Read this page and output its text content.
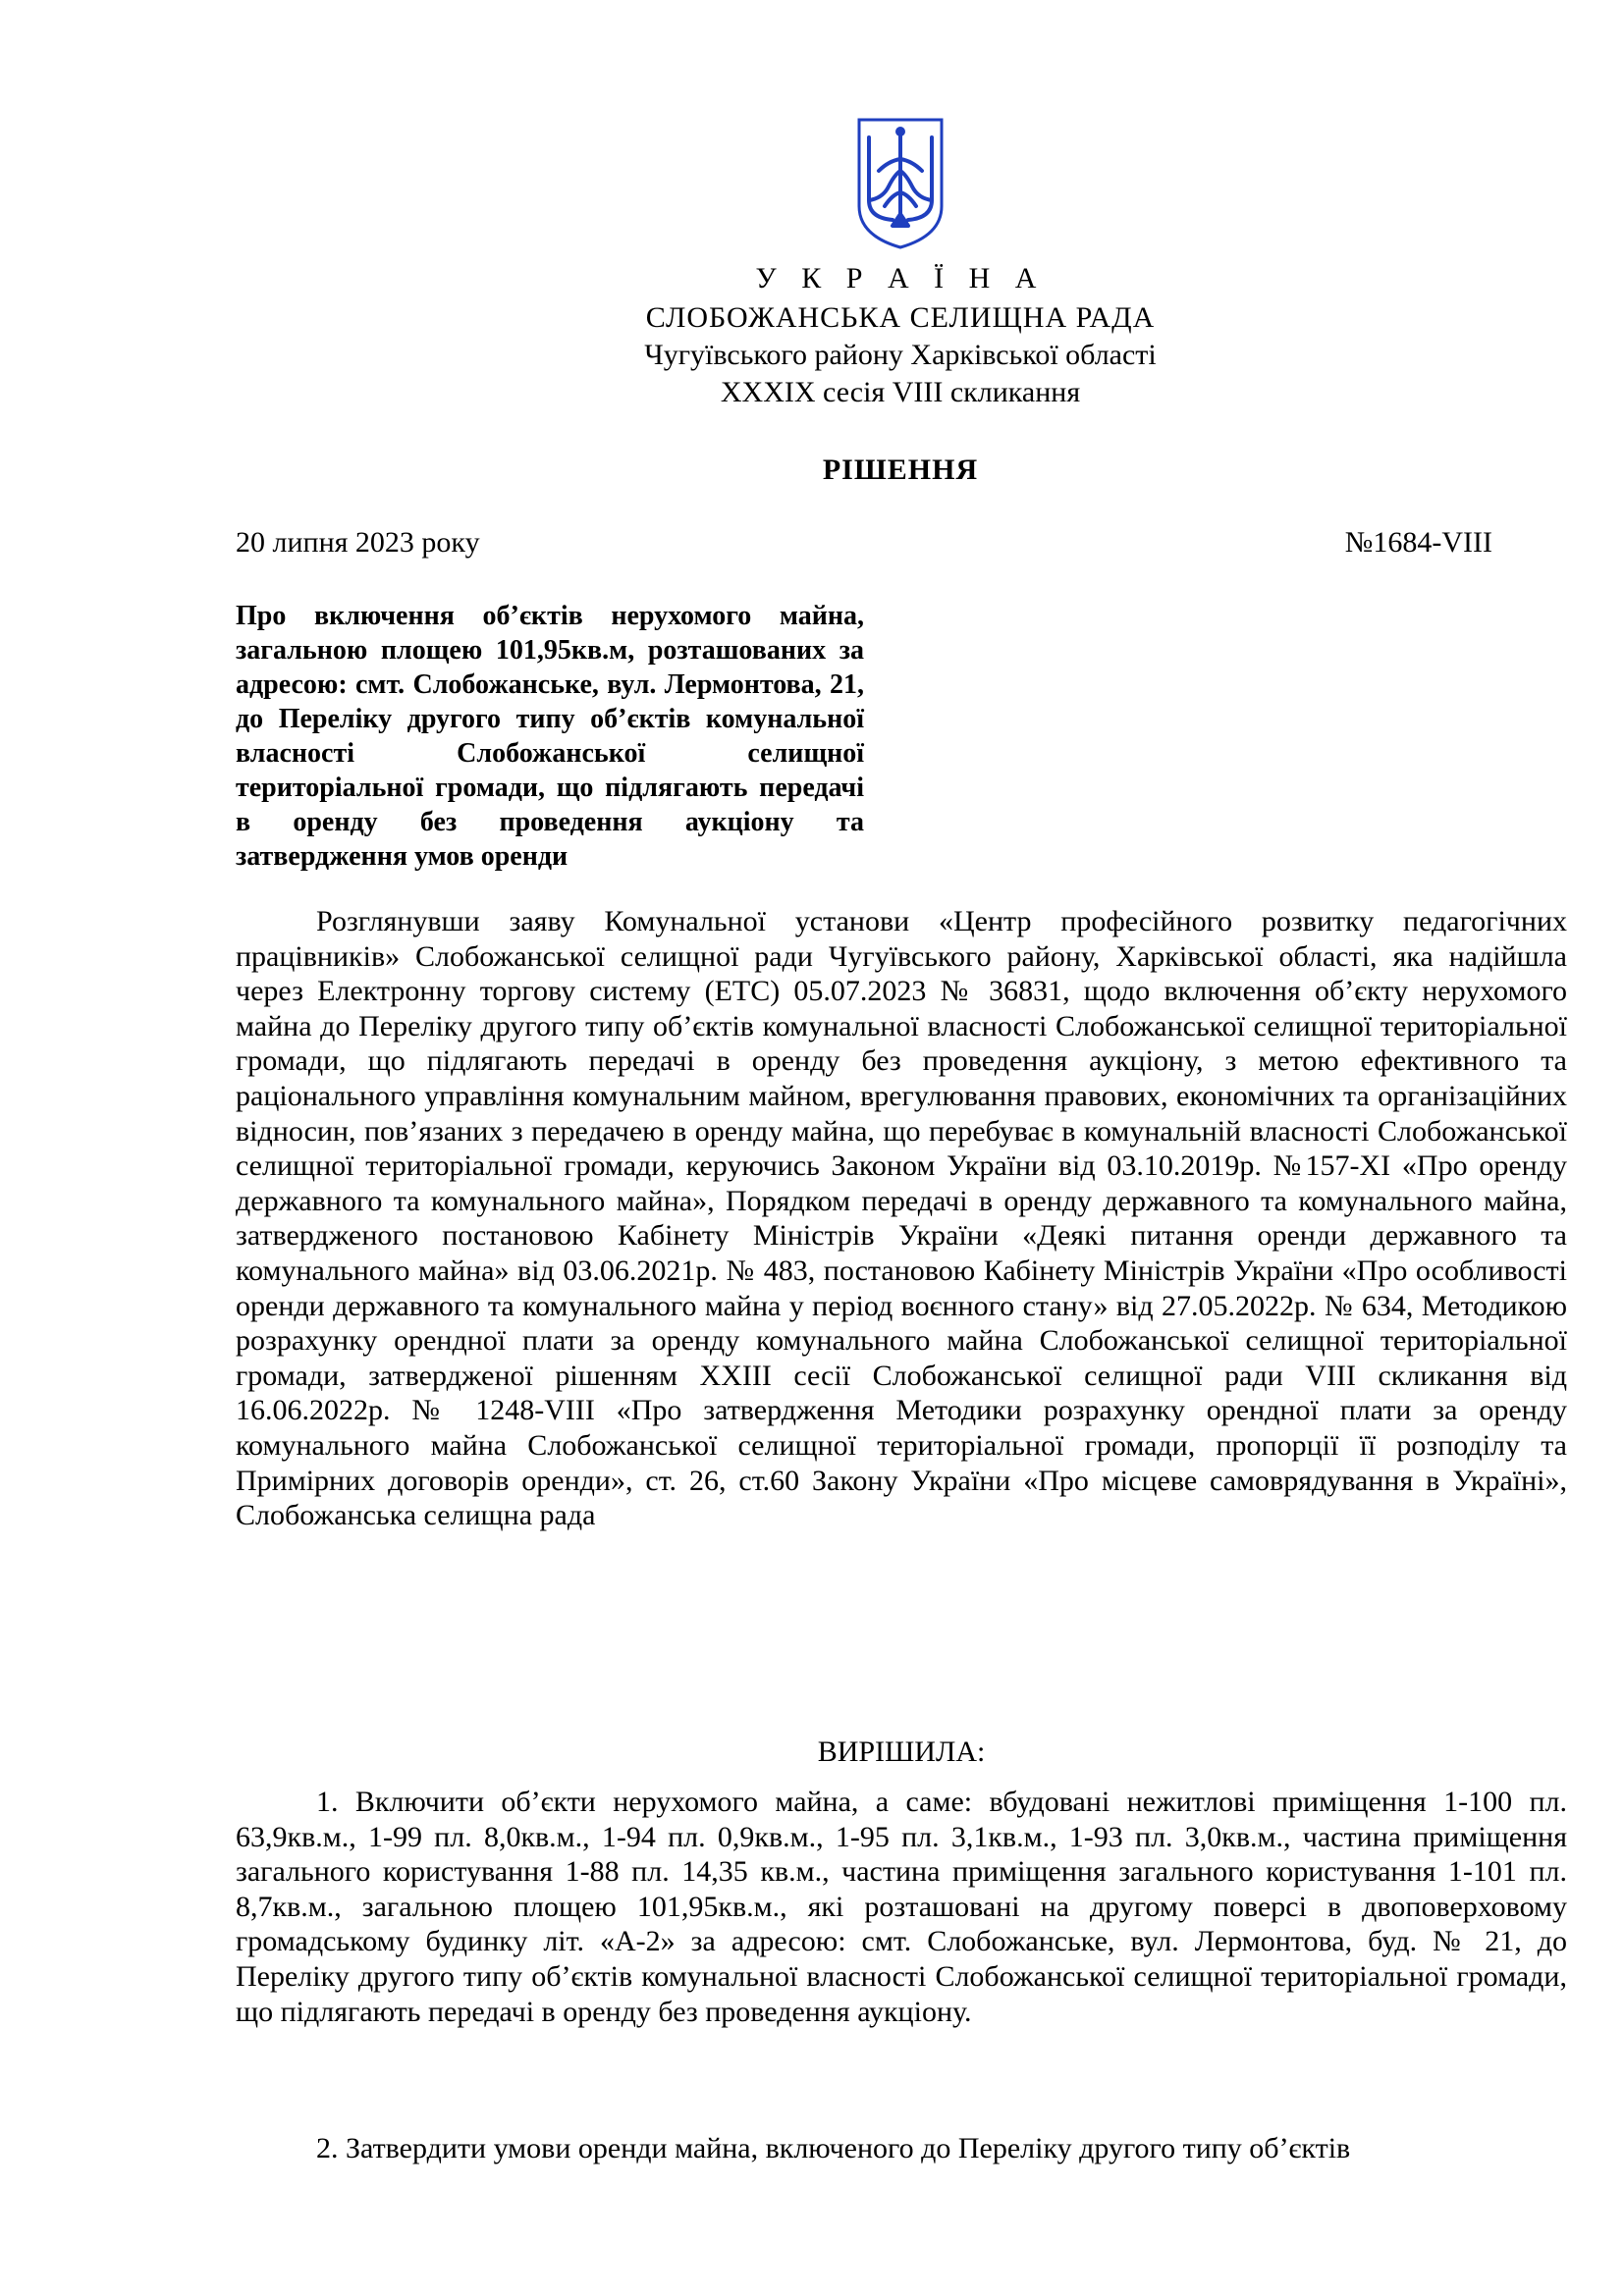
У К Р А Ї Н А
СЛОБОЖАНСЬКА СЕЛИЩНА РАДА
Чугуївського району Харківської області
XXXIX сесія VIII скликання
РІШЕННЯ
20 липня 2023 року	№1684-VIII
Про включення об’єктів нерухомого майна, загальною площею 101,95кв.м, розташованих за адресою: смт. Слобожанське, вул. Лермонтова, 21, до Переліку другого типу об’єктів комунальної власності Слобожанської селищної територіальної громади, що підлягають передачі в оренду без проведення аукціону та затвердження умов оренди
Розглянувши заяву Комунальної установи «Центр професійного розвитку педагогічних працівників» Слобожанської селищної ради Чугуївського району, Харківської області, яка надійшла через Електронну торгову систему (ЕТС) 05.07.2023 № 36831, щодо включення об’єкту нерухомого майна до Переліку другого типу об’єктів комунальної власності Слобожанської селищної територіальної громади, що підлягають передачі в оренду без проведення аукціону, з метою ефективного та раціонального управління комунальним майном, врегулювання правових, економічних та організаційних відносин, пов’язаних з передачею в оренду майна, що перебуває в комунальній власності Слобожанської селищної територіальної громади, керуючись Законом України від 03.10.2019р. №157-ХІ «Про оренду державного та комунального майна», Порядком передачі в оренду державного та комунального майна, затвердженого постановою Кабінету Міністрів України «Деякі питання оренди державного та комунального майна» від 03.06.2021р. № 483, постановою Кабінету Міністрів України «Про особливості оренди державного та комунального майна у період воєнного стану» від 27.05.2022р. № 634, Методикою розрахунку орендної плати за оренду комунального майна Слобожанської селищної територіальної громади, затвердженої рішенням ХХІІІ сесії Слобожанської селищної ради VIII скликання від 16.06.2022р. № 1248-VIII «Про затвердження Методики розрахунку орендної плати за оренду комунального майна Слобожанської селищної територіальної громади, пропорції її розподілу та Примірних договорів оренди», ст. 26, ст.60 Закону України «Про місцеве самоврядування в Україні», Слобожанська селищна рада
ВИРІШИЛА:
1. Включити об’єкти нерухомого майна, а саме: вбудовані нежитлові приміщення 1-100 пл. 63,9кв.м., 1-99 пл. 8,0кв.м., 1-94 пл. 0,9кв.м., 1-95 пл. 3,1кв.м., 1-93 пл. 3,0кв.м., частина приміщення загального користування 1-88 пл. 14,35 кв.м., частина приміщення загального користування 1-101 пл. 8,7кв.м., загальною площею 101,95кв.м., які розташовані на другому поверсі в двоповерховому громадському будинку літ. «А-2» за адресою: смт. Слобожанське, вул. Лермонтова, буд. № 21, до Переліку другого типу об’єктів комунальної власності Слобожанської селищної територіальної громади, що підлягають передачі в оренду без проведення аукціону.
2. Затвердити умови оренди майна, включеного до Переліку другого типу об’єктів
